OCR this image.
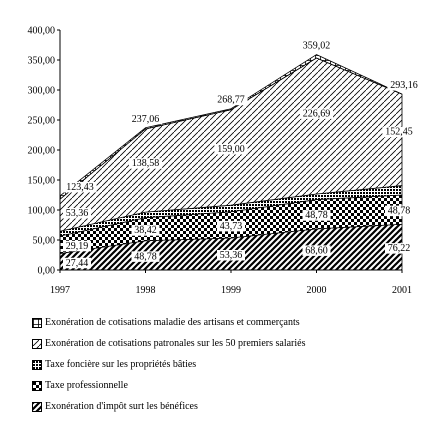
0,00
50,00
100,00
150,00
200,00
250,00
300,00
350,00
400,00
1997	1998	1999	2000	2001
27,44
48,78	53,36	68,60	76,22
29,19
38,42	43,73
48,78	48,78
53,36
138,58
159,00
226,69
152,45
123,43
237,06
268,77
359,02
293,16
Exonération de cotisations maladie des artisans et commerçants
Exonération de cotisations patronales sur les 50 premiers salariés
Taxe foncière sur les propriétés bâties
Taxe professionnelle
Exonération d'impôt surt les bénéfices
